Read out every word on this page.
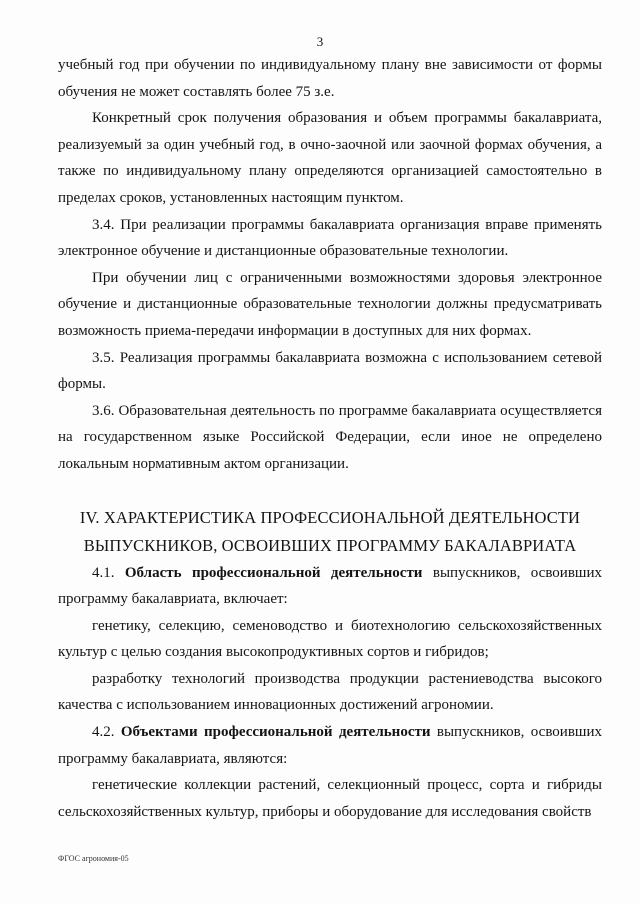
3

учебный год при обучении по индивидуальному плану вне зависимости от формы обучения не может составлять более 75 з.е.

Конкретный срок получения образования и объем программы бакалавриата, реализуемый за один учебный год, в очно-заочной или заочной формах обучения, а также по индивидуальному плану определяются организацией самостоятельно в пределах сроков, установленных настоящим пунктом.

3.4. При реализации программы бакалавриата организация вправе применять электронное обучение и дистанционные образовательные технологии.

При обучении лиц с ограниченными возможностями здоровья электронное обучение и дистанционные образовательные технологии должны предусматривать возможность приема-передачи информации в доступных для них формах.

3.5. Реализация программы бакалавриата возможна с использованием сетевой формы.

3.6. Образовательная деятельность по программе бакалавриата осуществляется на государственном языке Российской Федерации, если иное не определено локальным нормативным актом организации.

IV. ХАРАКТЕРИСТИКА ПРОФЕССИОНАЛЬНОЙ ДЕЯТЕЛЬНОСТИ
ВЫПУСКНИКОВ, ОСВОИВШИХ ПРОГРАММУ БАКАЛАВРИАТА

4.1. Область профессиональной деятельности выпускников, освоивших программу бакалавриата, включает:

генетику, селекцию, семеноводство и биотехнологию сельскохозяйственных культур с целью создания высокопродуктивных сортов и гибридов;

разработку технологий производства продукции растениеводства высокого качества с использованием инновационных достижений агрономии.

4.2. Объектами профессиональной деятельности выпускников, освоивших программу бакалавриата, являются:

генетические коллекции растений, селекционный процесс, сорта и гибриды сельскохозяйственных культур, приборы и оборудование для исследования свойств

ФГОС агрономия-05
